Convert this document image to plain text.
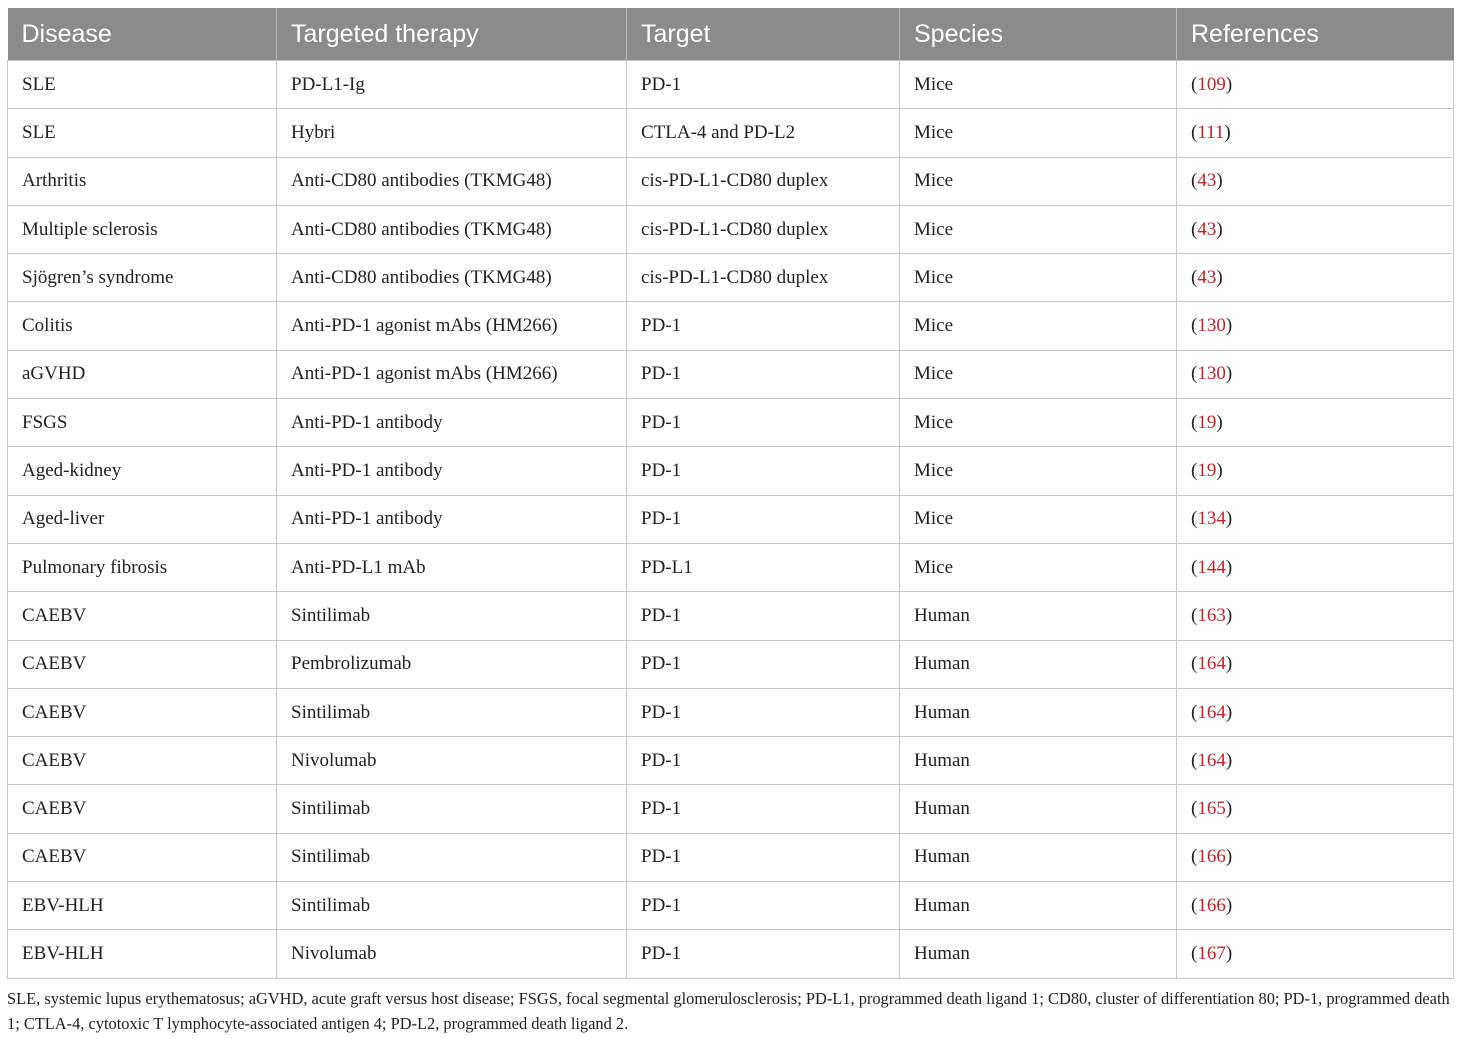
Disease	Targeted therapy	Target	Species	References
SLE	PD-L1-Ig	PD-1	Mice	(109)
SLE	Hybri	CTLA-4 and PD-L2	Mice	(111)
Arthritis	Anti-CD80 antibodies (TKMG48)	cis-PD-L1-CD80 duplex	Mice	(43)
Multiple sclerosis	Anti-CD80 antibodies (TKMG48)	cis-PD-L1-CD80 duplex	Mice	(43)
Sjögren’s syndrome	Anti-CD80 antibodies (TKMG48)	cis-PD-L1-CD80 duplex	Mice	(43)
Colitis	Anti-PD-1 agonist mAbs (HM266)	PD-1	Mice	(130)
aGVHD	Anti-PD-1 agonist mAbs (HM266)	PD-1	Mice	(130)
FSGS	Anti-PD-1 antibody	PD-1	Mice	(19)
Aged-kidney	Anti-PD-1 antibody	PD-1	Mice	(19)
Aged-liver	Anti-PD-1 antibody	PD-1	Mice	(134)
Pulmonary fibrosis	Anti-PD-L1 mAb	PD-L1	Mice	(144)
CAEBV	Sintilimab	PD-1	Human	(163)
CAEBV	Pembrolizumab	PD-1	Human	(164)
CAEBV	Sintilimab	PD-1	Human	(164)
CAEBV	Nivolumab	PD-1	Human	(164)
CAEBV	Sintilimab	PD-1	Human	(165)
CAEBV	Sintilimab	PD-1	Human	(166)
EBV-HLH	Sintilimab	PD-1	Human	(166)
EBV-HLH	Nivolumab	PD-1	Human	(167)

SLE, systemic lupus erythematosus; aGVHD, acute graft versus host disease; FSGS, focal segmental glomerulosclerosis; PD-L1, programmed death ligand 1; CD80, cluster of differentiation 80; PD-1, programmed death 1; CTLA-4, cytotoxic T lymphocyte-associated antigen 4; PD-L2, programmed death ligand 2.
